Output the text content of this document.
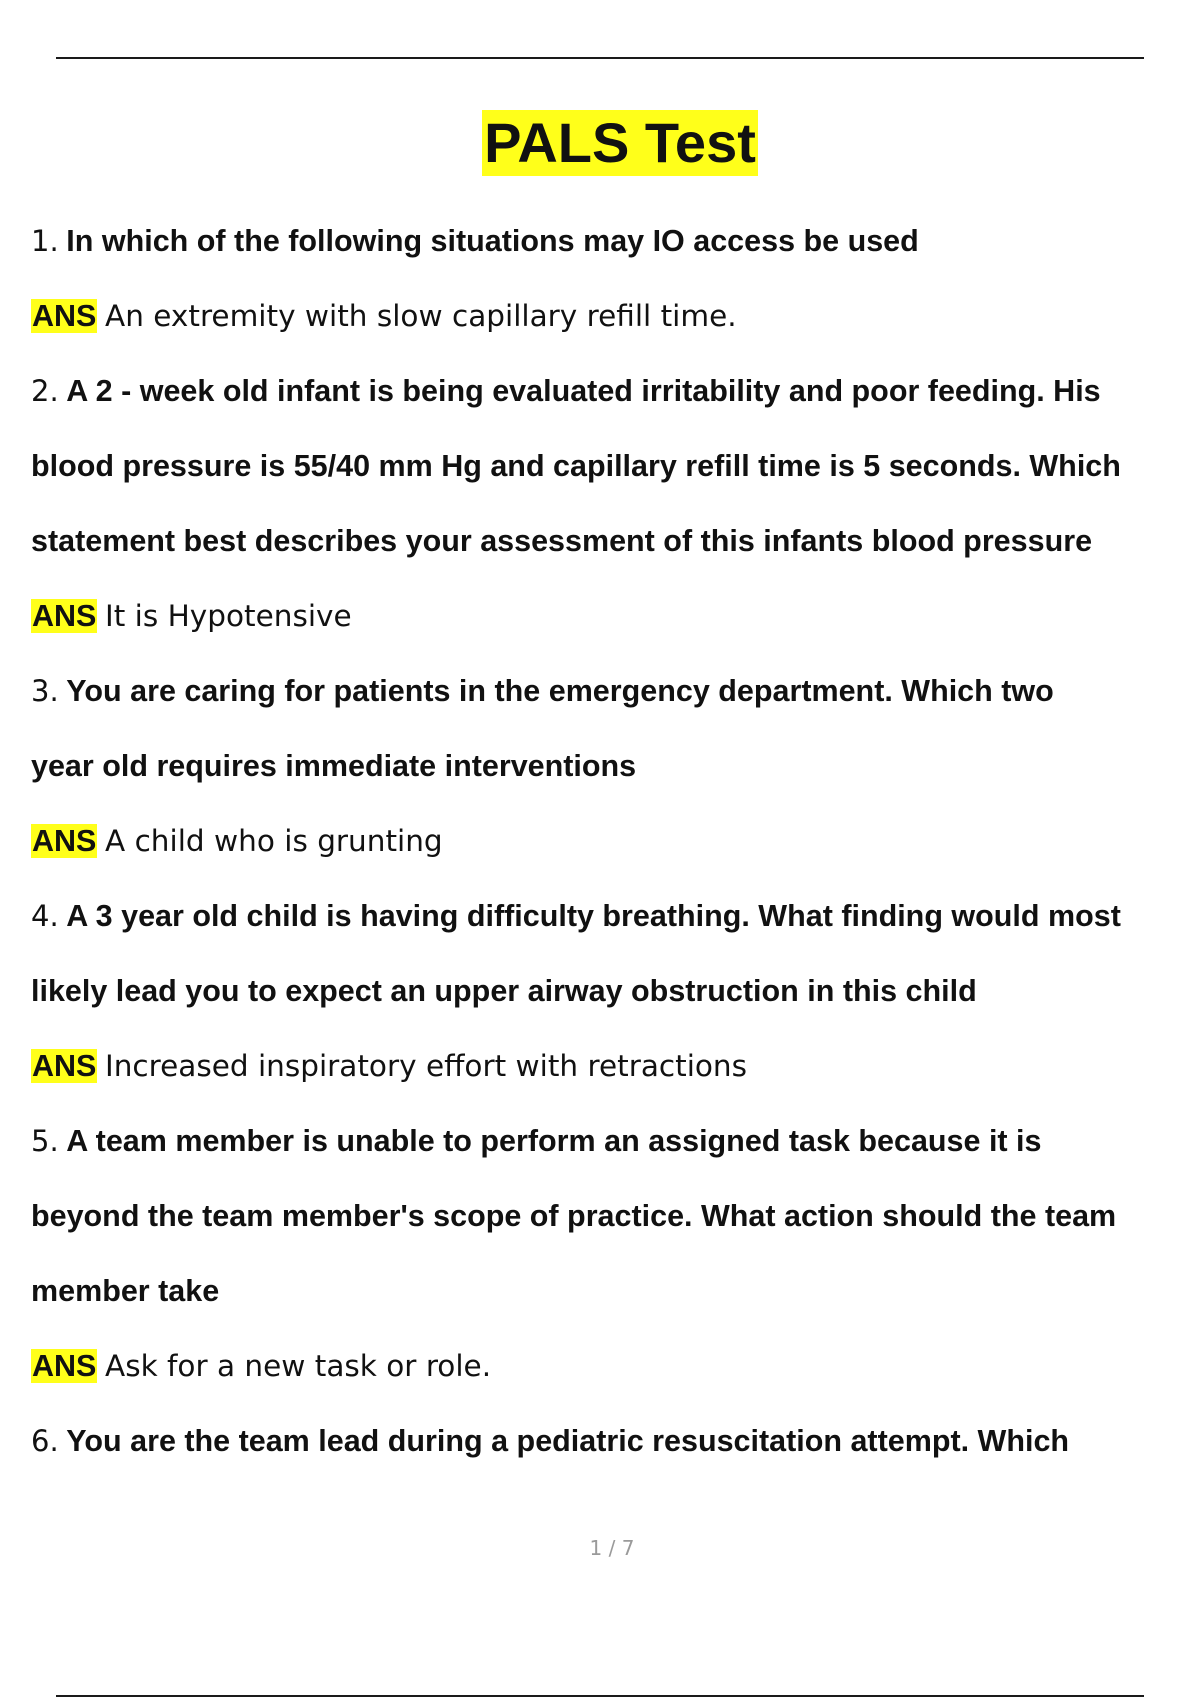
PALS Test
1. In which of the following situations may IO access be used
ANS An extremity with slow capillary refill time.
2. A 2 - week old infant is being evaluated irritability and poor feeding. His
blood pressure is 55/40 mm Hg and capillary refill time is 5 seconds. Which
statement best describes your assessment of this infants blood pressure
ANS It is Hypotensive
3. You are caring for patients in the emergency department. Which two
year old requires immediate interventions
ANS A child who is grunting
4. A 3 year old child is having difficulty breathing. What finding would most
likely lead you to expect an upper airway obstruction in this child
ANS Increased inspiratory effort with retractions
5. A team member is unable to perform an assigned task because it is
beyond the team member's scope of practice. What action should the team
member take
ANS Ask for a new task or role.
6. You are the team lead during a pediatric resuscitation attempt. Which
1 / 7
